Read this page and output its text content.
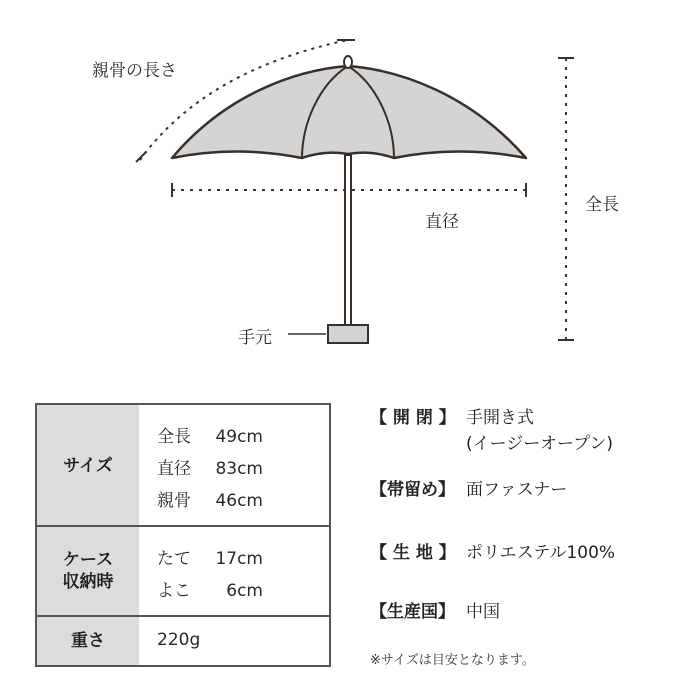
親骨の長さ
直径
全長
手元
サイズ
全長 49cm
直径 83cm
親骨 46cm
ケース
収納時
たて 17cm
よこ 6cm
重さ	220g
【 開 閉 】 手開き式
(イージーオープン)
【帯留め】 面ファスナー
【 生 地 】 ポリエステル100%
【生産国】 中国
※サイズは目安となります。
